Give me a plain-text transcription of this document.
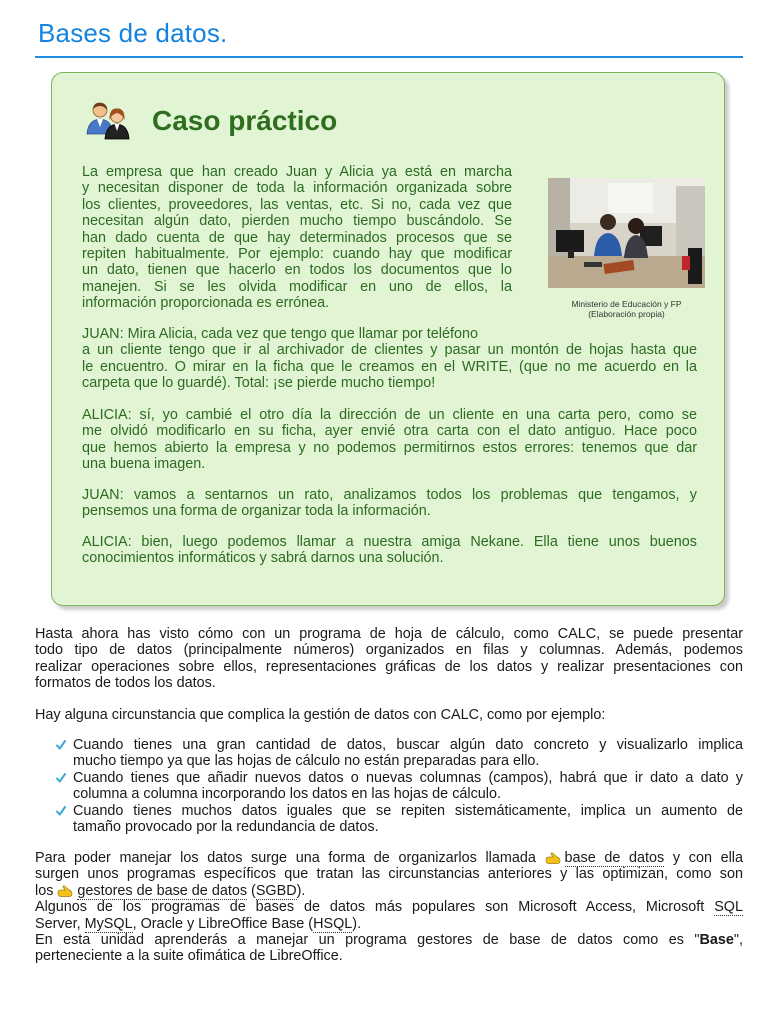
Bases de datos.
Caso práctico

La empresa que han creado Juan y Alicia ya está en marcha
y necesitan disponer de toda la información organizada sobre
los clientes, proveedores, las ventas, etc. Si no, cada vez que
necesitan algún dato, pierden mucho tiempo buscándolo. Se
han dado cuenta de que hay determinados procesos que se
repiten habitualmente. Por ejemplo: cuando hay que modificar
un dato, tienen que hacerlo en todos los documentos que lo
manejen. Si se les olvida modificar en uno de ellos, la
información proporcionada es errónea.	Ministerio de Educación y FP (Elaboración propia)

JUAN: Mira Alicia, cada vez que tengo que llamar por teléfono
a un cliente tengo que ir al archivador de clientes y pasar un montón de hojas hasta que
le encuentro. O mirar en la ficha que le creamos en el WRITE, (que no me acuerdo en la
carpeta que lo guardé). Total: ¡se pierde mucho tiempo!

ALICIA: sí, yo cambié el otro día la dirección de un cliente en una carta pero, como se
me olvidó modificarlo en su ficha, ayer envié otra carta con el dato antiguo. Hace poco
que hemos abierto la empresa y no podemos permitirnos estos errores: tenemos que dar
una buena imagen.

JUAN: vamos a sentarnos un rato, analizamos todos los problemas que tengamos, y
pensemos una forma de organizar toda la información.

ALICIA: bien, luego podemos llamar a nuestra amiga Nekane. Ella tiene unos buenos
conocimientos informáticos y sabrá darnos una solución.

Hasta ahora has visto cómo con un programa de hoja de cálculo, como CALC, se puede presentar
todo tipo de datos (principalmente números) organizados en filas y columnas. Además, podemos
realizar operaciones sobre ellos, representaciones gráficas de los datos y realizar presentaciones con
formatos de todos los datos.

Hay alguna circunstancia que complica la gestión de datos con CALC, como por ejemplo:

Cuando tienes una gran cantidad de datos, buscar algún dato concreto y visualizarlo implica
mucho tiempo ya que las hojas de cálculo no están preparadas para ello.
Cuando tienes que añadir nuevos datos o nuevas columnas (campos), habrá que ir dato a dato y
columna a columna incorporando los datos en las hojas de cálculo.
Cuando tienes muchos datos iguales que se repiten sistemáticamente, implica un aumento de
tamaño provocado por la redundancia de datos.

Para poder manejar los datos surge una forma de organizarlos llamada base de datos y con ella
surgen unos programas específicos que tratan las circunstancias anteriores y las optimizan, como son
los gestores de base de datos (SGBD).
Algunos de los programas de bases de datos más populares son Microsoft Access, Microsoft SQL
Server, MySQL, Oracle y LibreOffice Base (HSQL).
En esta unidad aprenderás a manejar un programa gestores de base de datos como es "Base",
perteneciente a la suite ofimática de LibreOffice.
